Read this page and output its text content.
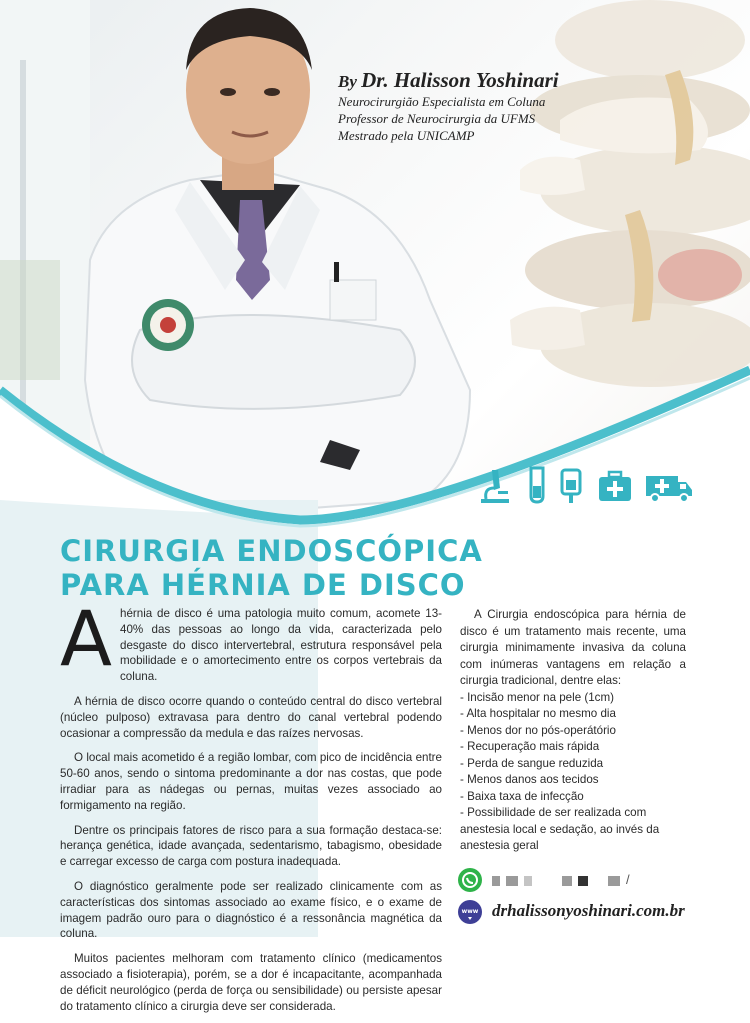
By Dr. Halisson Yoshinari
Neurocirurgião Especialista em Coluna
Professor de Neurocirurgia da UFMS
Mestrado pela UNICAMP
CIRURGIA ENDOSCÓPICA
PARA HÉRNIA DE DISCO

A hérnia de disco é uma patologia muito comum, acomete 13-40% das pessoas ao longo da vida, caracterizada pelo desgaste do disco intervertebral, estrutura responsável pela mobilidade e o amortecimento entre os corpos vertebrais da coluna.

A hérnia de disco ocorre quando o conteúdo central do disco vertebral (núcleo pulposo) extravasa para dentro do canal vertebral podendo ocasionar a compressão da medula e das raízes nervosas.

O local mais acometido é a região lombar, com pico de incidência entre 50-60 anos, sendo o sintoma predominante a dor nas costas, que pode irradiar para as nádegas ou pernas, muitas vezes associado ao formigamento na região.

Dentre os principais fatores de risco para a sua formação destaca-se: herança genética, idade avançada, sedentarismo, tabagismo, obesidade e carregar excesso de carga com postura inadequada.

O diagnóstico geralmente pode ser realizado clinicamente com as características dos sintomas associado ao exame físico, e o exame de imagem padrão ouro para o diagnóstico é a ressonância magnética da coluna.

Muitos pacientes melhoram com tratamento clínico (medicamentos associado a fisioterapia), porém, se a dor é incapacitante, acompanhada de déficit neurológico (perda de força ou sensibilidade) ou persiste apesar do tratamento clínico a cirurgia deve ser considerada.

A Cirurgia endoscópica para hérnia de disco é um tratamento mais recente, uma cirurgia minimamente invasiva da coluna com inúmeras vantagens em relação a cirurgia tradicional, dentre elas:

- Incisão menor na pele (1cm)
- Alta hospitalar no mesmo dia
- Menos dor no pós-operátório
- Recuperação mais rápida
- Perda de sangue reduzida
- Menos danos aos tecidos
- Baixa taxa de infecção
- Possibilidade de ser realizada com anestesia local e sedação, ao invés da anestesia geral
/
www drhalissonyoshinari.com.br
